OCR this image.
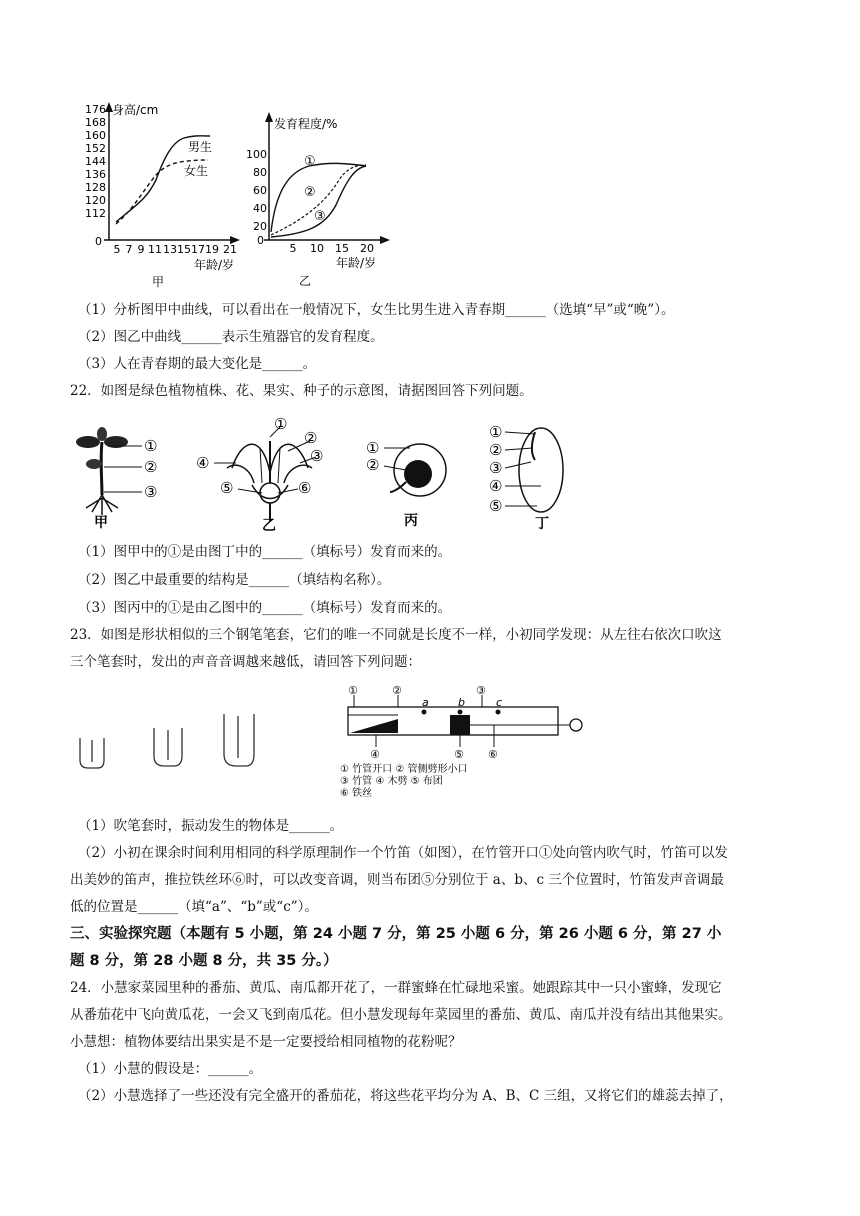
身高/cm
176
168
160
152
144
136
128
120
112
0
5 7 9 11 13 15 17 19 21
男生
女生
年龄/岁
甲
发育程度/%
100
80
60
40
20
0
5 10 15 20
①
②
③
年龄/岁
乙
（1）分析图甲中曲线，可以看出在一般情况下，女生比男生进入青春期______（选填“早”或“晚”）。
（2）图乙中曲线______表示生殖器官的发育程度。
（3）人在青春期的最大变化是______。
22．如图是绿色植物植株、花、果实、种子的示意图，请据图回答下列问题。
①
②
③
甲
①
②
③
④
⑤	⑥
乙
①
②
丙
①
②
③
④
⑤
丁
（1）图甲中的①是由图丁中的______（填标号）发育而来的。
（2）图乙中最重要的结构是______（填结构名称）。
（3）图丙中的①是由乙图中的______（填标号）发育而来的。
23．如图是形状相似的三个钢笔笔套，它们的唯一不同就是长度不一样，小初同学发现：从左往右依次口吹这
三个笔套时，发出的声音音调越来越低，请回答下列问题：
①	②	③
a	b	c
④	⑤ ⑥
① 竹管开口 ② 管侧劈形小口
③ 竹管 ④ 木劈 ⑤ 布团
⑥ 铁丝
（1）吹笔套时，振动发生的物体是______。
（2）小初在课余时间利用相同的科学原理制作一个竹笛（如图），在竹管开口①处向管内吹气时，竹笛可以发
出美妙的笛声，推拉铁丝环⑥时，可以改变音调，则当布团⑤分别位于 a、b、c 三个位置时，竹笛发声音调最
低的位置是______（填“a”、“b”或“c”）。
三、实验探究题（本题有 5 小题，第 24 小题 7 分，第 25 小题 6 分，第 26 小题 6 分，第 27 小
题 8 分，第 28 小题 8 分，共 35 分。）
24．小慧家菜园里种的番茄、黄瓜、南瓜都开花了，一群蜜蜂在忙碌地采蜜。她跟踪其中一只小蜜蜂，发现它
从番茄花中飞向黄瓜花，一会又飞到南瓜花。但小慧发现每年菜园里的番茄、黄瓜、南瓜并没有结出其他果实。
小慧想：植物体要结出果实是不是一定要授给相同植物的花粉呢？
（1）小慧的假设是：______。
（2）小慧选择了一些还没有完全盛开的番茄花，将这些花平均分为 A、B、C 三组，又将它们的雄蕊去掉了，
